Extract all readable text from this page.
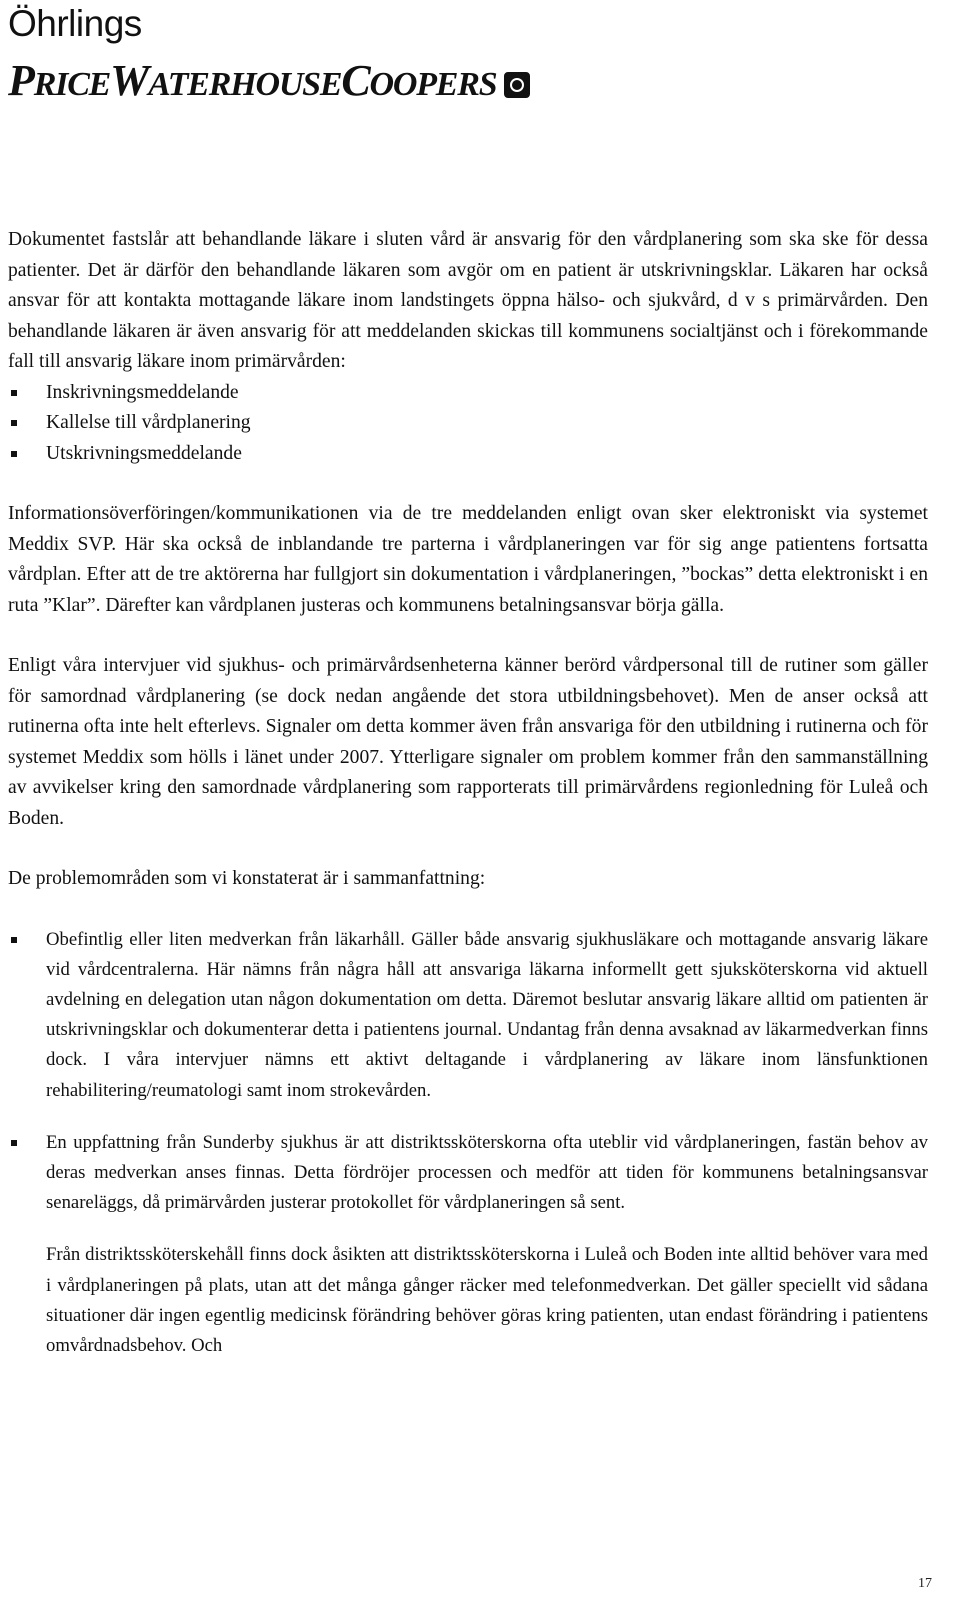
Öhrlings
PRICEWATERHOUSECOOPERS

Dokumentet fastslår att behandlande läkare i sluten vård är ansvarig för den vårdplanering som ska ske för dessa patienter. Det är därför den behandlande läkaren som avgör om en patient är utskrivningsklar. Läkaren har också ansvar för att kontakta mottagande läkare inom landstingets öppna hälso- och sjukvård, d v s primärvården. Den behandlande läkaren är även ansvarig för att meddelanden skickas till kommunens socialtjänst och i förekommande fall till ansvarig läkare inom primärvården:

Inskrivningsmeddelande
Kallelse till vårdplanering
Utskrivningsmeddelande

Informationsöverföringen/kommunikationen via de tre meddelanden enligt ovan sker elektroniskt via systemet Meddix SVP. Här ska också de inblandande tre parterna i vårdplaneringen var för sig ange patientens fortsatta vårdplan. Efter att de tre aktörerna har fullgjort sin dokumentation i vårdplaneringen, ”bockas” detta elektroniskt i en ruta ”Klar”. Därefter kan vårdplanen justeras och kommunens betalningsansvar börja gälla.

Enligt våra intervjuer vid sjukhus- och primärvårdsenheterna känner berörd vårdpersonal till de rutiner som gäller för samordnad vårdplanering (se dock nedan angående det stora utbildningsbehovet). Men de anser också att rutinerna ofta inte helt efterlevs. Signaler om detta kommer även från ansvariga för den utbildning i rutinerna och för systemet Meddix som hölls i länet under 2007. Ytterligare signaler om problem kommer från den sammanställning av avvikelser kring den samordnade vårdplanering som rapporterats till primärvårdens regionledning för Luleå och Boden.

De problemområden som vi konstaterat är i sammanfattning:

Obefintlig eller liten medverkan från läkarhåll. Gäller både ansvarig sjukhusläkare och mottagande ansvarig läkare vid vårdcentralerna. Här nämns från några håll att ansvariga läkarna informellt gett sjuksköterskorna vid aktuell avdelning en delegation utan någon dokumentation om detta. Däremot beslutar ansvarig läkare alltid om patienten är utskrivningsklar och dokumenterar detta i patientens journal. Undantag från denna avsaknad av läkarmedverkan finns dock. I våra intervjuer nämns ett aktivt deltagande i vårdplanering av läkare inom länsfunktionen rehabilitering/reumatologi samt inom strokevården.
En uppfattning från Sunderby sjukhus är att distriktssköterskorna ofta uteblir vid vårdplaneringen, fastän behov av deras medverkan anses finnas. Detta fördröjer processen och medför att tiden för kommunens betalningsansvar senareläggs, då primärvården justerar protokollet för vårdplaneringen så sent.

Från distriktssköterskehåll finns dock åsikten att distriktssköterskorna i Luleå och Boden inte alltid behöver vara med i vårdplaneringen på plats, utan att det många gånger räcker med telefonmedverkan. Det gäller speciellt vid sådana situationer där ingen egentlig medicinsk förändring behöver göras kring patienten, utan endast förändring i patientens omvårdnadsbehov. Och

17
